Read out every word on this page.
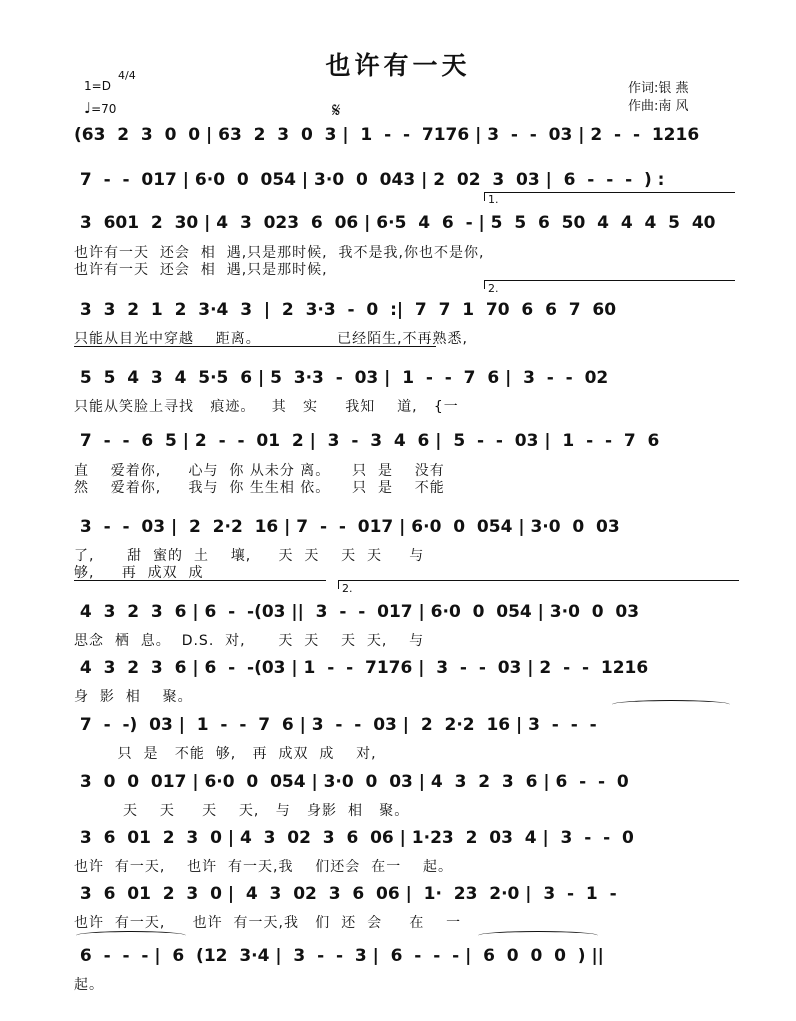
也许有一天
1=D
4/4
♩=70
作词:银 燕
作曲:南 风
𝄋
1.
2.
2.
(63  2  3  0  0 | 63  2  3  0  3 |  1  -  -  7176 | 3  -  -  03 | 2  -  -  1216
7  -  -  017 | 6·0  0  054 | 3·0  0  043 | 2  02  3  03 |  6  -  -  -  ) :
3  601  2  30 | 4  3  023  6  06 | 6·5  4  6  - | 5  5  6  50  4  4  4  5  40
也许有一天  还会  相  遇,只是那时候,  我不是我,你也不是你,
也许有一天  还会  相  遇,只是那时候,
3  3  2  1  2  3·4  3  |  2  3·3  -  0  :|  7  7  1  70  6  6  7  60
只能从目光中穿越    距离。              已经陌生,不再熟悉,
5  5  4  3  4  5·5  6 | 5  3·3  -  03 |  1  -  -  7  6 |  3  -  -  02
只能从笑脸上寻找   痕迹。   其   实     我知    道,   {一
7  -  -  6  5 | 2  -  -  01  2 |  3  -  3  4  6 |  5  -  -  03 |  1  -  -  7  6
直    爱着你,     心与  你 从未分 离。    只  是    没有
然    爱着你,     我与  你 生生相 依。    只  是    不能
3  -  -  03 |  2  2·2  16 | 7  -  -  017 | 6·0  0  054 | 3·0  0  03
了,      甜  蜜的  土    壤,     天  天    天  天     与
够,     再  成双  成
4  3  2  3  6 | 6  -  -(03 ||  3  -  -  017 | 6·0  0  054 | 3·0  0  03
思念  栖  息。  D.S.  对,      天  天    天  天,    与
4  3  2  3  6 | 6  -  -(03 | 1  -  -  7176 |  3  -  -  03 | 2  -  -  1216
身  影  相    聚。
7  -  -)  03 |  1  -  -  7  6 | 3  -  -  03 |  2  2·2  16 | 3  -  -  -
只  是   不能  够,   再  成双  成    对,
3  0  0  017 | 6·0  0  054 | 3·0  0  03 | 4  3  2  3  6 | 6  -  -  0
天    天     天    天,   与   身影  相   聚。
3  6  01  2  3  0 | 4  3  02  3  6  06 | 1·23  2  03  4 |  3  -  -  0
也许  有一天,    也许  有一天,我    们还会  在一    起。
3  6  01  2  3  0 |  4  3  02  3  6  06 |  1·  23  2·0 |  3  -  1  -
也许  有一天,     也许  有一天,我   们  还  会     在    一
6  -  -  - |  6  (12  3·4 |  3  -  -  3 |  6  -  -  - |  6  0  0  0  ) ||
起。
